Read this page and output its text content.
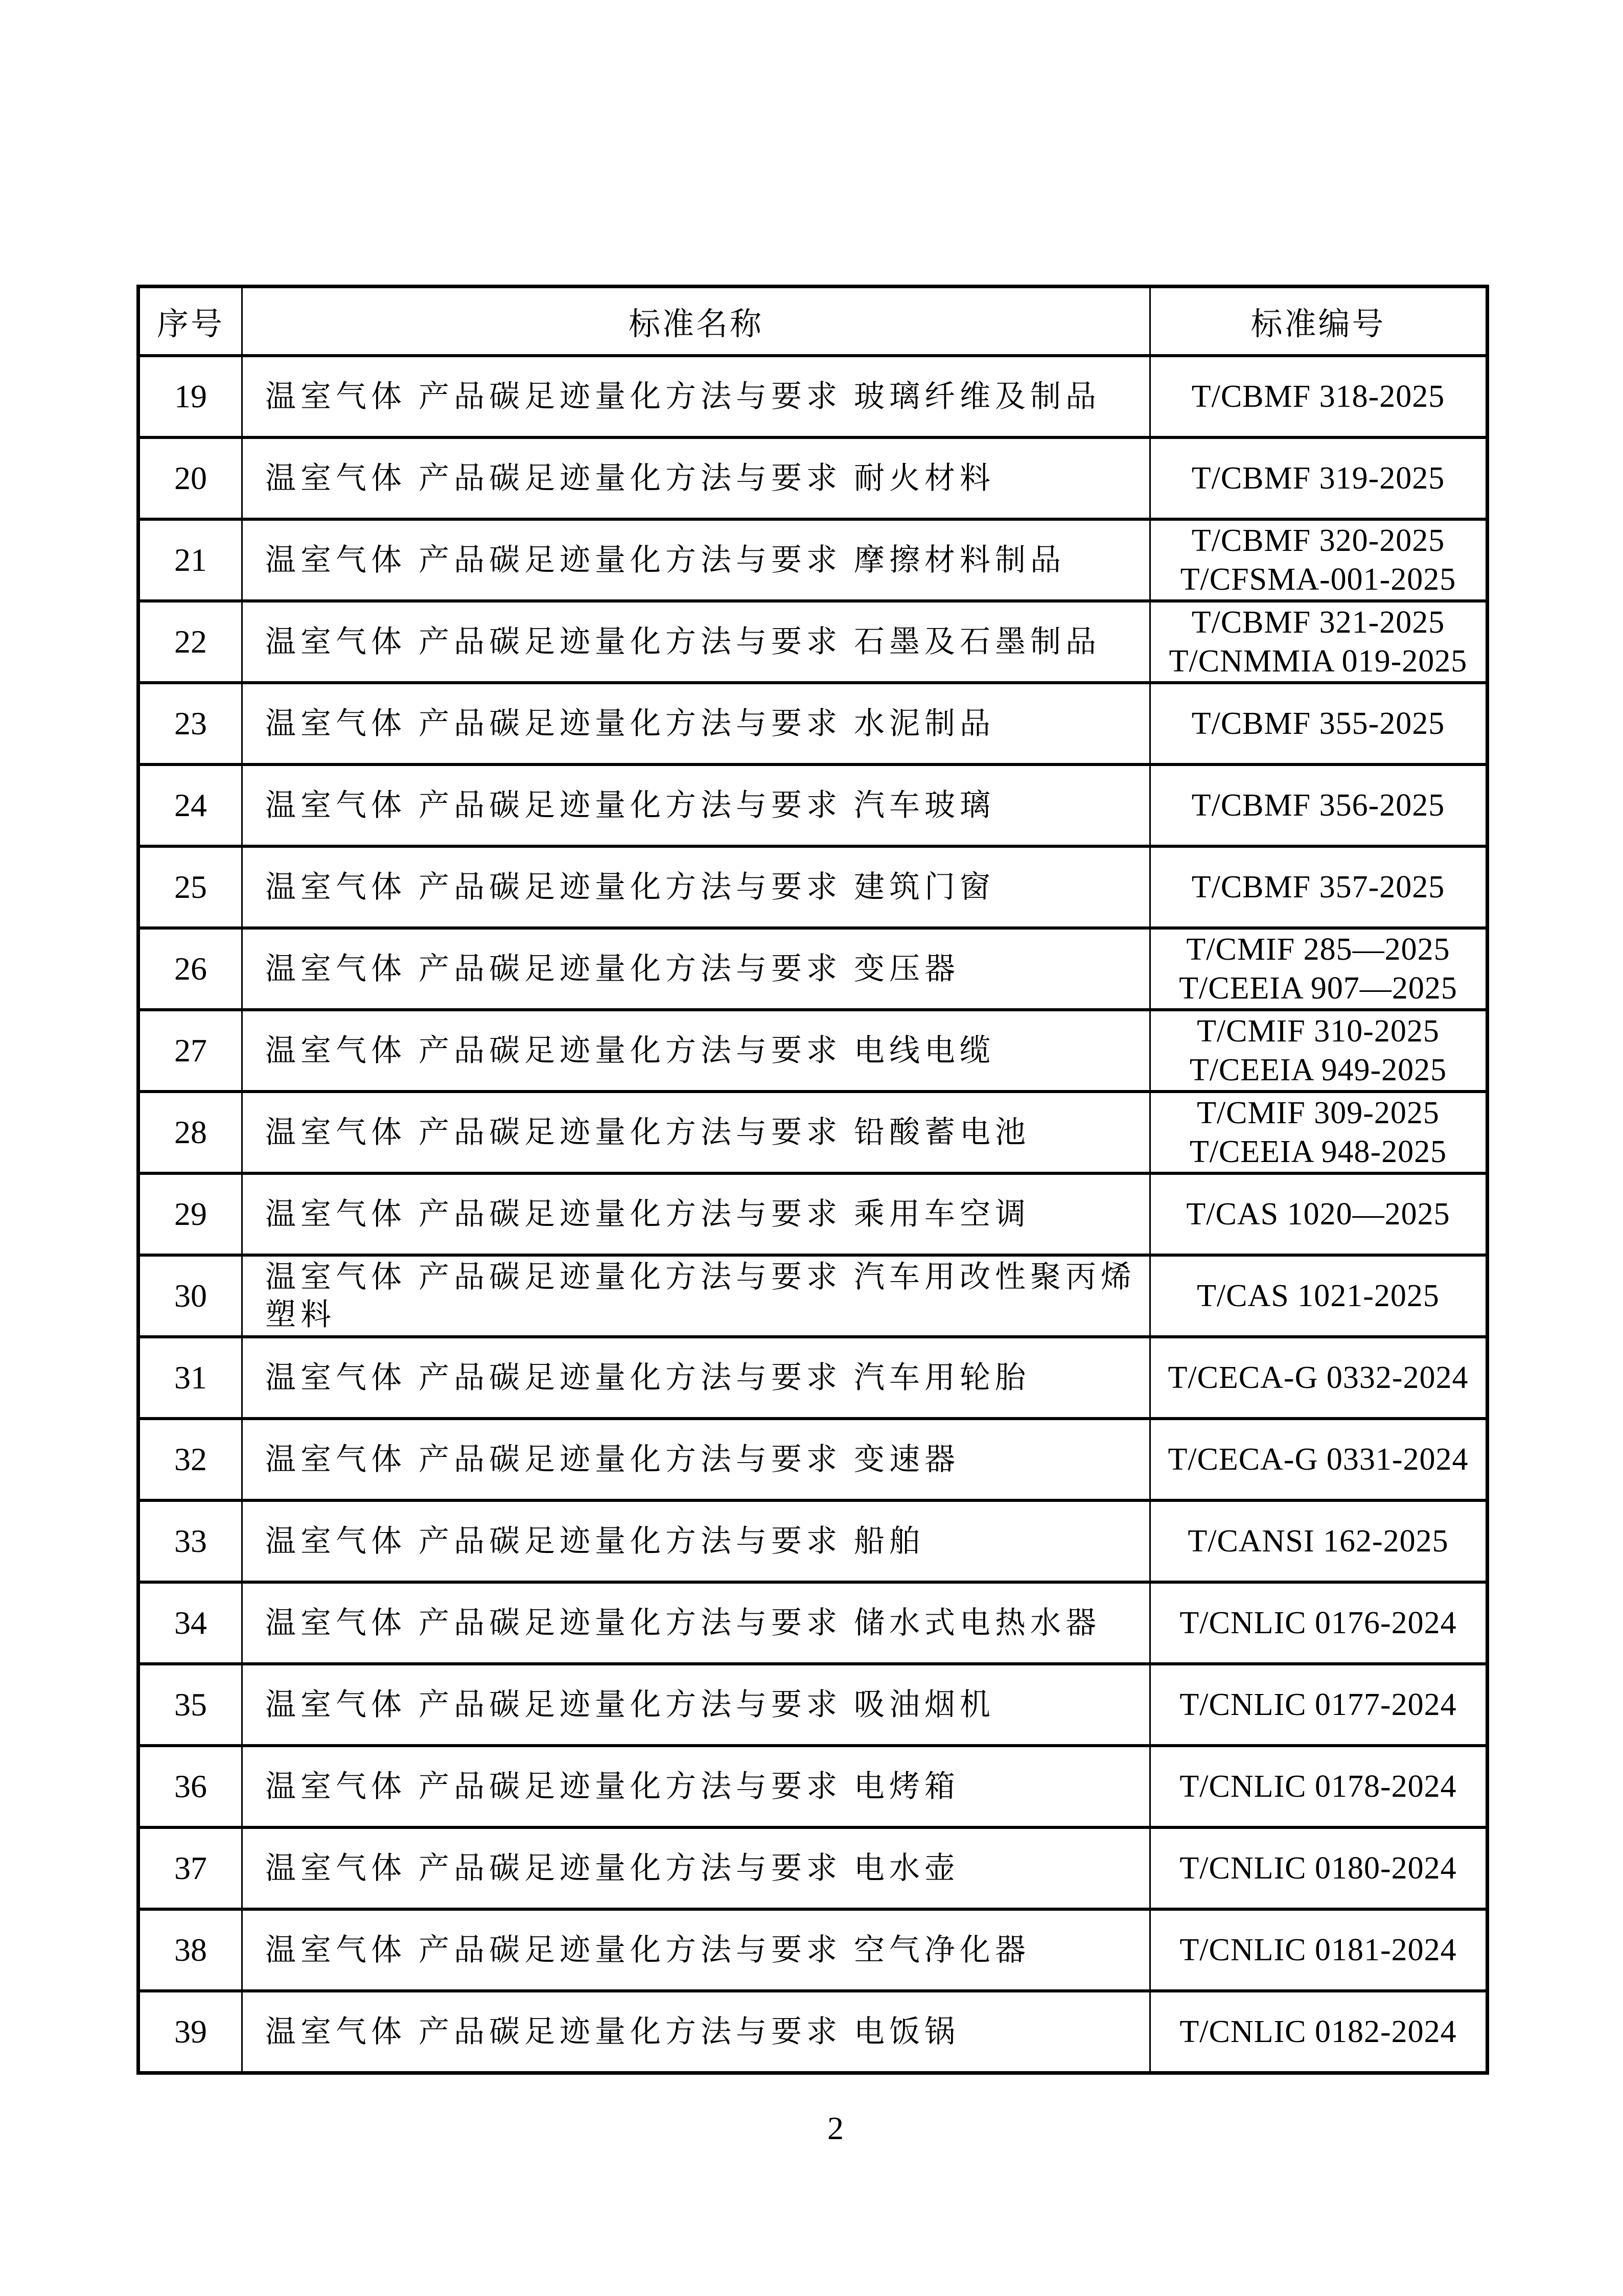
序号	标准名称	标准编号
19	温室气体 产品碳足迹量化方法与要求 玻璃纤维及制品	T/CBMF 318-2025

20	温室气体 产品碳足迹量化方法与要求 耐火材料	T/CBMF 319-2025

21	温室气体 产品碳足迹量化方法与要求 摩擦材料制品	T/CBMF 320-2025
T/CFSMA-001-2025

22	温室气体 产品碳足迹量化方法与要求 石墨及石墨制品	T/CBMF 321-2025
T/CNMMIA 019-2025

23	温室气体 产品碳足迹量化方法与要求 水泥制品	T/CBMF 355-2025

24	温室气体 产品碳足迹量化方法与要求 汽车玻璃	T/CBMF 356-2025

25	温室气体 产品碳足迹量化方法与要求 建筑门窗	T/CBMF 357-2025

26	温室气体 产品碳足迹量化方法与要求 变压器	T/CMIF 285—2025
T/CEEIA 907—2025

27	温室气体 产品碳足迹量化方法与要求 电线电缆	T/CMIF 310-2025
T/CEEIA 949-2025

28	温室气体 产品碳足迹量化方法与要求 铅酸蓄电池	T/CMIF 309-2025
T/CEEIA 948-2025

29	温室气体 产品碳足迹量化方法与要求 乘用车空调	T/CAS 1020—2025

30	温室气体 产品碳足迹量化方法与要求 汽车用改性聚丙烯塑料	T/CAS 1021-2025

31	温室气体 产品碳足迹量化方法与要求 汽车用轮胎	T/CECA-G 0332-2024

32	温室气体 产品碳足迹量化方法与要求 变速器	T/CECA-G 0331-2024

33	温室气体 产品碳足迹量化方法与要求 船舶	T/CANSI 162-2025

34	温室气体 产品碳足迹量化方法与要求 储水式电热水器	T/CNLIC 0176-2024

35	温室气体 产品碳足迹量化方法与要求 吸油烟机	T/CNLIC 0177-2024

36	温室气体 产品碳足迹量化方法与要求 电烤箱	T/CNLIC 0178-2024

37	温室气体 产品碳足迹量化方法与要求 电水壶	T/CNLIC 0180-2024

38	温室气体 产品碳足迹量化方法与要求 空气净化器	T/CNLIC 0181-2024

39	温室气体 产品碳足迹量化方法与要求 电饭锅	T/CNLIC 0182-2024
2
